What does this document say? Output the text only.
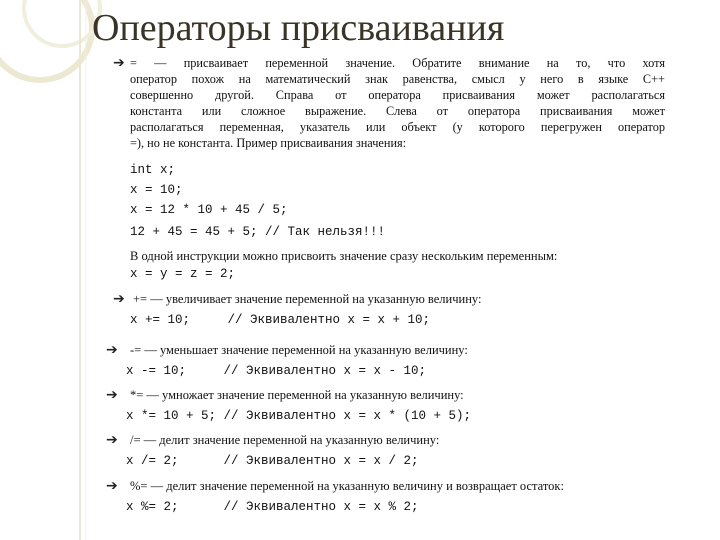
Операторы присваивания
➔ = — присваивает переменной значение. Обратите внимание на то, что хотя
оператор похож на математический знак равенства, смысл у него в языке С++
совершенно другой. Справа от оператора присваивания может располагаться
константа или сложное выражение. Слева от оператора присваивания может
располагаться переменная, указатель или объект (у которого перегружен оператор
=), но не константа. Пример присваивания значения:
int x;
x = 10;
x = 12 * 10 + 45 / 5;
12 + 45 = 45 + 5; // Так нельзя!!!
В одной инструкции можно присвоить значение сразу нескольким переменным:
x = y = z = 2;
➔ += — увеличивает значение переменной на указанную величину:
x += 10;     // Эквивалентно x = x + 10;
➔ -= — уменьшает значение переменной на указанную величину:
x -= 10;     // Эквивалентно x = x - 10;
➔ *= — умножает значение переменной на указанную величину:
x *= 10 + 5; // Эквивалентно x = x * (10 + 5);
➔ /= — делит значение переменной на указанную величину:
x /= 2;      // Эквивалентно x = x / 2;
➔ %= — делит значение переменной на указанную величину и возвращает остаток:
x %= 2;      // Эквивалентно x = x % 2;
